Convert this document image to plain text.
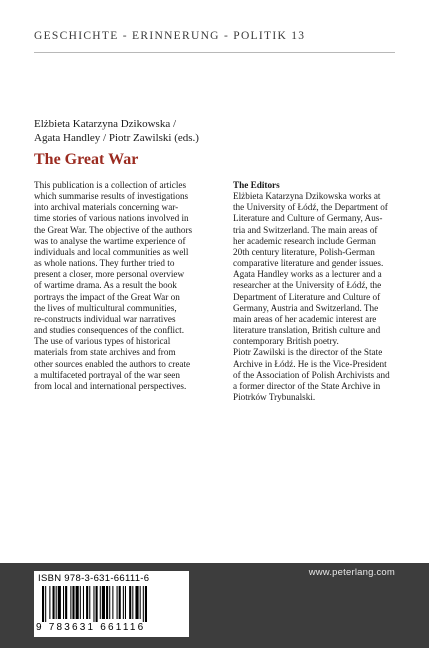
GESCHICHTE - ERINNERUNG - POLITIK 13
Elżbieta Katarzyna Dzikowska /
Agata Handley / Piotr Zawilski (eds.)
The Great War
This publication is a collection of articles
which summarise results of investigations
into archival materials concerning war-
time stories of various nations involved in
the Great War. The objective of the authors
was to analyse the wartime experience of
individuals and local communities as well
as whole nations. They further tried to
present a closer, more personal overview
of wartime drama. As a result the book
portrays the impact of the Great War on
the lives of multicultural communities,
re-constructs individual war narratives
and studies consequences of the conflict.
The use of various types of historical
materials from state archives and from
other sources enabled the authors to create
a multifaceted portrayal of the war seen
from local and international perspectives.
The Editors
Elżbieta Katarzyna Dzikowska works at
the University of Łódź, the Department of
Literature and Culture of Germany, Aus-
tria and Switzerland. The main areas of
her academic research include German
20th century literature, Polish-German
comparative literature and gender issues.
Agata Handley works as a lecturer and a
researcher at the University of Łódź, the
Department of Literature and Culture of
Germany, Austria and Switzerland. The
main areas of her academic interest are
literature translation, British culture and
contemporary British poetry.
Piotr Zawilski is the director of the State
Archive in Łódź. He is the Vice-President
of the Association of Polish Archivists and
a former director of the State Archive in
Piotrków Trybunalski.
ISBN 978-3-631-66111-6
9 783631 661116
www.peterlang.com
